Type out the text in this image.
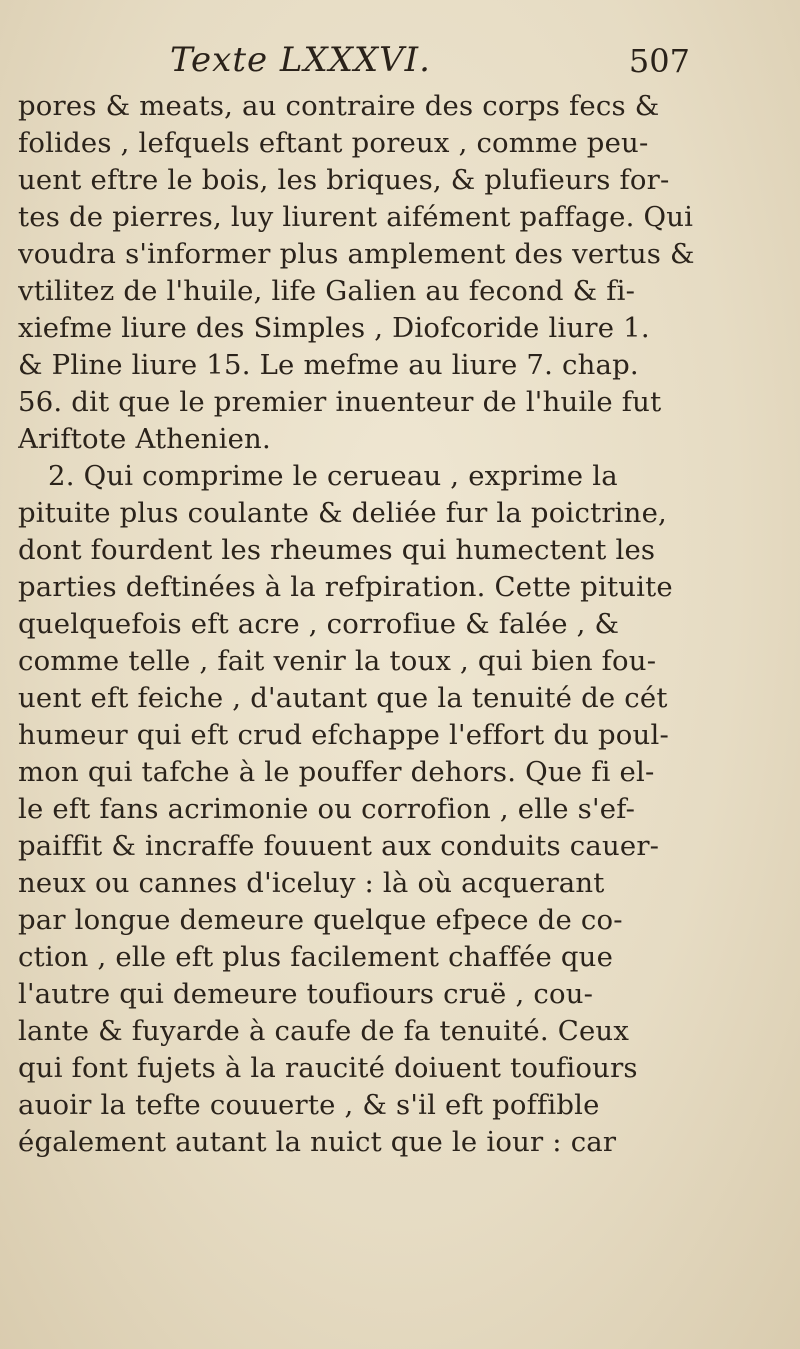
Texte LXXXVI.	507
pores & meats, au contraire des corps fecs &
folides , lefquels eftant poreux , comme peu-
uent eftre le bois, les briques, & plufieurs for-
tes de pierres, luy liurent aifément paffage. Qui
voudra s'informer plus amplement des vertus &
vtilitez de l'huile, life Galien au fecond & fi-
xiefme liure des Simples , Diofcoride liure 1.
& Pline liure 15. Le mefme au liure 7. chap.
56. dit que le premier inuenteur de l'huile fut
Ariftote Athenien.
2. Qui comprime le cerueau , exprime la
pituite plus coulante & deliée fur la poictrine,
dont fourdent les rheumes qui humectent les
parties deftinées à la refpiration. Cette pituite
quelquefois eft acre , corrofiue & falée , &
comme telle , fait venir la toux , qui bien fou-
uent eft feiche , d'autant que la tenuité de cét
humeur qui eft crud efchappe l'effort du poul-
mon qui tafche à le pouffer dehors. Que fi el-
le eft fans acrimonie ou corrofion , elle s'ef-
paiffit & incraffe fouuent aux conduits cauer-
neux ou cannes d'iceluy : là où acquerant
par longue demeure quelque efpece de co-
ction , elle eft plus facilement chaffée que
l'autre qui demeure toufiours cruë , cou-
lante & fuyarde à caufe de fa tenuité. Ceux
qui font fujets à la raucité doiuent toufiours
auoir la tefte couuerte , & s'il eft poffible
également autant la nuict que le iour : car
